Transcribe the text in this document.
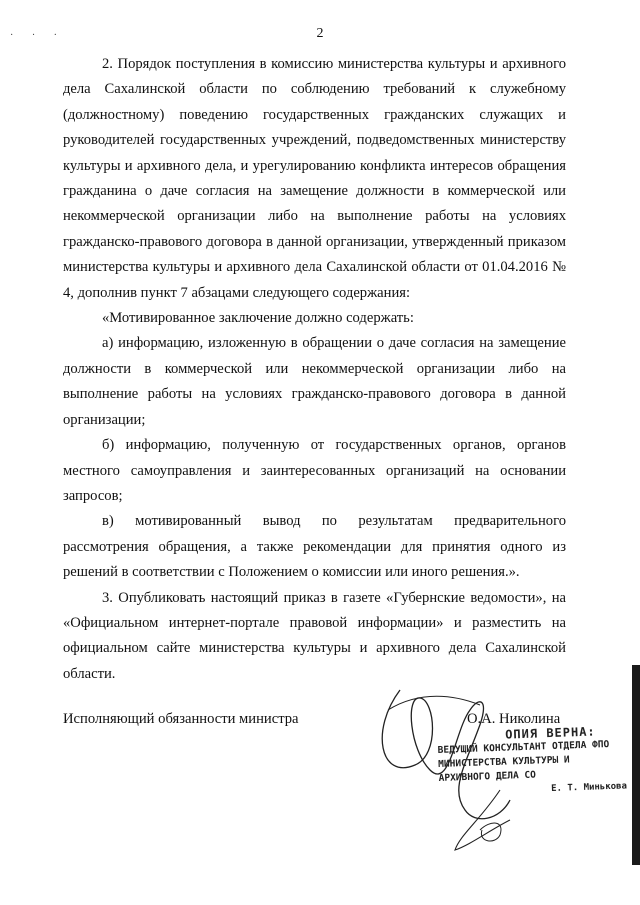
· · ·	2

2. Порядок поступления в комиссию министерства культуры и архивного дела Сахалинской области по соблюдению требований к служебному (должностному) поведению государственных гражданских служащих и руководителей государственных учреждений, подведомственных министерству культуры и архивного дела, и урегулированию конфликта интересов обращения гражданина о даче согласия на замещение должности в коммерческой или некоммерческой организации либо на выполнение работы на условиях гражданско-правового договора в данной организации, утвержденный приказом министерства культуры и архивного дела Сахалинской области от 01.04.2016 № 4, дополнив пункт 7 абзацами следующего содержания:

«Мотивированное заключение должно содержать:

а) информацию, изложенную в обращении о даче согласия на замещение должности в коммерческой или некоммерческой организации либо на выполнение работы на условиях гражданско-правового договора в данной организации;

б) информацию, полученную от государственных органов, органов местного самоуправления и заинтересованных организаций на основании запросов;

в) мотивированный вывод по результатам предварительного рассмотрения обращения, а также рекомендации для принятия одного из решений в соответствии с Положением о комиссии или иного решения.».

3. Опубликовать настоящий приказ в газете «Губернские ведомости», на «Официальном интернет-портале правовой информации» и разместить на официальном сайте министерства культуры и архивного дела Сахалинской области.

Исполняющий обязанности министра	О.А. Николина
ОПИЯ ВЕРНА:
ВЕДУЩИЙ КОНСУЛЬТАНТ ОТДЕЛА ФПО
МИНИСТЕРСТВА КУЛЬТУРЫ И
АРХИВНОГО ДЕЛА СО
Е. Т. Минькова
